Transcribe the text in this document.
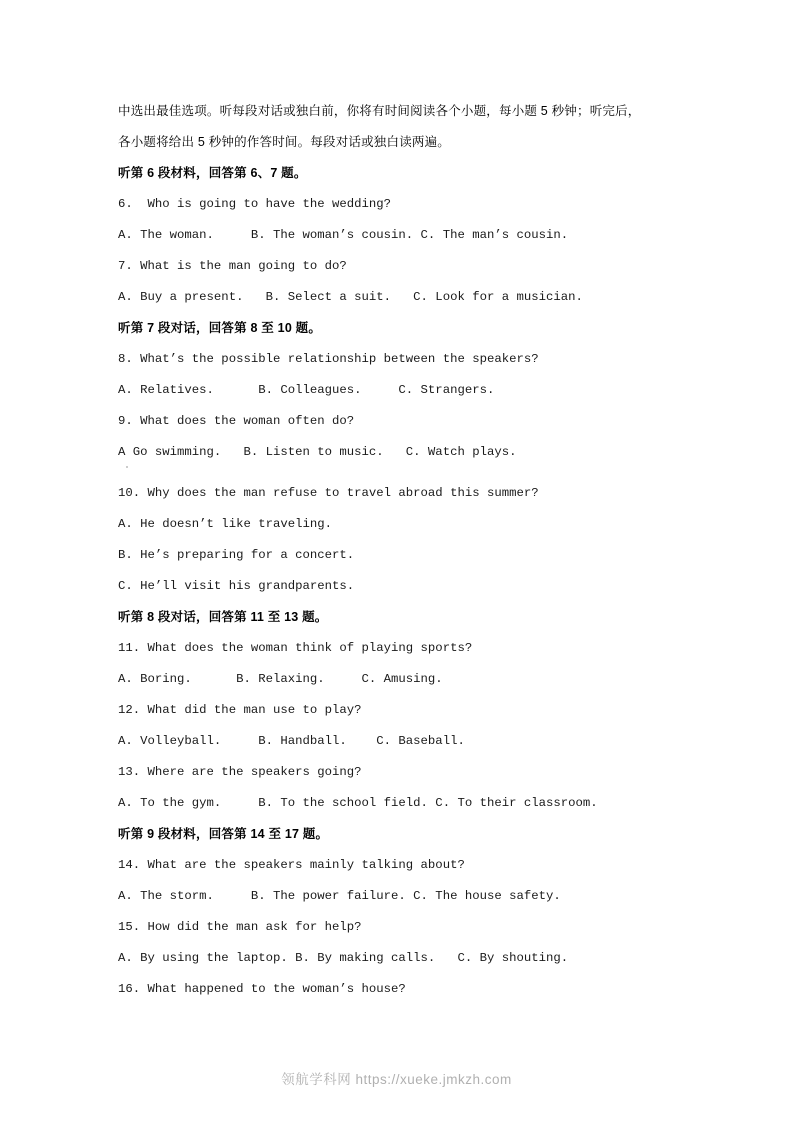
中选出最佳选项。听每段对话或独白前，你将有时间阅读各个小题，每小题 5 秒钟；听完后，

各小题将给出 5 秒钟的作答时间。每段对话或独白读两遍。

听第 6 段材料，回答第 6、7 题。

6.  Who is going to have the wedding?

A. The woman.     B. The woman’s cousin. C. The man’s cousin.

7. What is the man going to do?

A. Buy a present.   B. Select a suit.   C. Look for a musician.

听第 7 段对话，回答第 8 至 10 题。

8. What’s the possible relationship between the speakers?

A. Relatives.      B. Colleagues.     C. Strangers.

9. What does the woman often do?

A Go swimming.   B. Listen to music.   C. Watch plays.

10. Why does the man refuse to travel abroad this summer?

A. He doesn’t like traveling.

B. He’s preparing for a concert.

C. He’ll visit his grandparents.

听第 8 段对话，回答第 11 至 13 题。

11. What does the woman think of playing sports?

A. Boring.      B. Relaxing.     C. Amusing.

12. What did the man use to play?

A. Volleyball.     B. Handball.    C. Baseball.

13. Where are the speakers going?

A. To the gym.     B. To the school field. C. To their classroom.

听第 9 段材料，回答第 14 至 17 题。

14. What are the speakers mainly talking about?

A. The storm.     B. The power failure. C. The house safety.

15. How did the man ask for help?

A. By using the laptop. B. By making calls.   C. By shouting.

16. What happened to the woman’s house?

领航学科网 https://xueke.jmkzh.com
